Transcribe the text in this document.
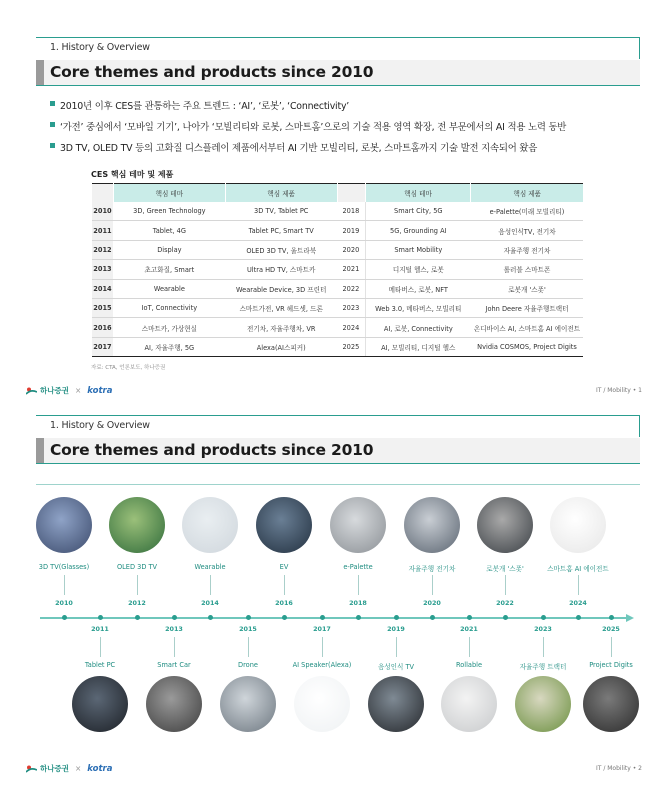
1. History & Overview
Core themes and products since 2010
2010년 이후 CES를 관통하는 주요 트렌드 : ‘AI’, ‘로봇’, ‘Connectivity’
‘가전’ 중심에서 ‘모바일 기기’, 나아가 ‘모빌리티와 로봇, 스마트홈’으로의 기술 적용 영역 확장, 전 부문에서의 AI 적용 노력 동반
3D TV, OLED TV 등의 고화질 디스플레이 제품에서부터 AI 기반 모빌리티, 로봇, 스마트홈까지 기술 발전 지속되어 왔음
CES 핵심 테마 및 제품
	핵심 테마	핵심 제품		핵심 테마	핵심 제품
2010	3D, Green Technology	3D TV, Tablet PC	2018	Smart City, 5G	e-Palette(미래 모빌리티)
2011	Tablet, 4G	Tablet PC, Smart TV	2019	5G, Grounding AI	음성인식TV, 전기차
2012	Display	OLED 3D TV, 울트라북	2020	Smart Mobility	자율주행 전기차
2013	초고화질, Smart	Ultra HD TV, 스마트카	2021	디지털 헬스, 로봇	롤러블 스마트폰
2014	Wearable	Wearable Device, 3D 프린터	2022	메타버스, 로봇, NFT	로봇개 '스폿'
2015	IoT, Connectivity	스마트가전, VR 헤드셋, 드론	2023	Web 3.0, 메타버스, 모빌리티	John Deere 자율주행트랙터
2016	스마트카, 가상현실	전기차, 자율주행차, VR	2024	AI, 로봇, Connectivity	온디바이스 AI, 스마트홈 AI 에이전트
2017	AI, 자율주행, 5G	Alexa(AI스피커)	2025	AI, 모빌리티, 디지털 헬스	Nvidia COSMOS, Project Digits
자료: CTA, 언론보도, 하나증권
하나증권 × kotra	IT / Mobility • 1
1. History & Overview
Core themes and products since 2010
3D TV(Glasses)
2010
OLED 3D TV
2012
Wearable
2014
EV
2016
e-Palette
2018
자율주행 전기차
2020
로봇개 '스폿'
2022
스마트홈 AI 에이전트
2024
2011
Tablet PC
2013
Smart Car
2015
Drone
2017
AI Speaker(Alexa)
2019
음성인식 TV
2021
Rollable
2023
자율주행 트랙터
2025
Project Digits
하나증권 × kotra	IT / Mobility • 2
